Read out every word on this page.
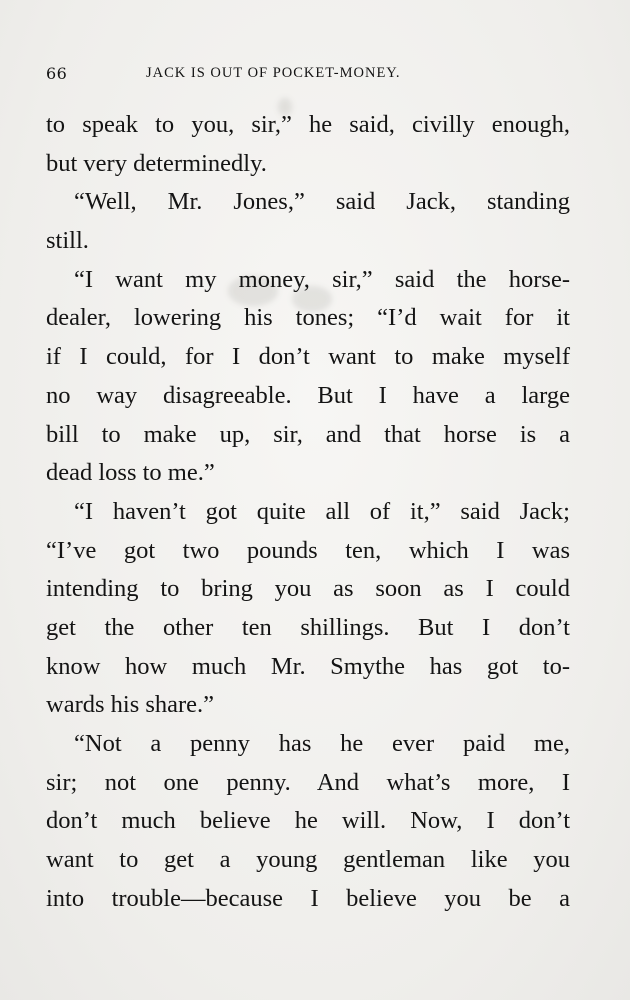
66	JACK IS OUT OF POCKET-MONEY.
to speak to you, sir,” he said, civilly enough,
but very determinedly.
“Well, Mr. Jones,” said Jack, standing
still.
“I want my money, sir,” said the horse-
dealer, lowering his tones; “I’d wait for it
if I could, for I don’t want to make myself
no way disagreeable. But I have a large
bill to make up, sir, and that horse is a
dead loss to me.”
“I haven’t got quite all of it,” said Jack;
“I’ve got two pounds ten, which I was
intending to bring you as soon as I could
get the other ten shillings. But I don’t
know how much Mr. Smythe has got to-
wards his share.”
“Not a penny has he ever paid me,
sir; not one penny. And what’s more, I
don’t much believe he will. Now, I don’t
want to get a young gentleman like you
into trouble—because I believe you be a
